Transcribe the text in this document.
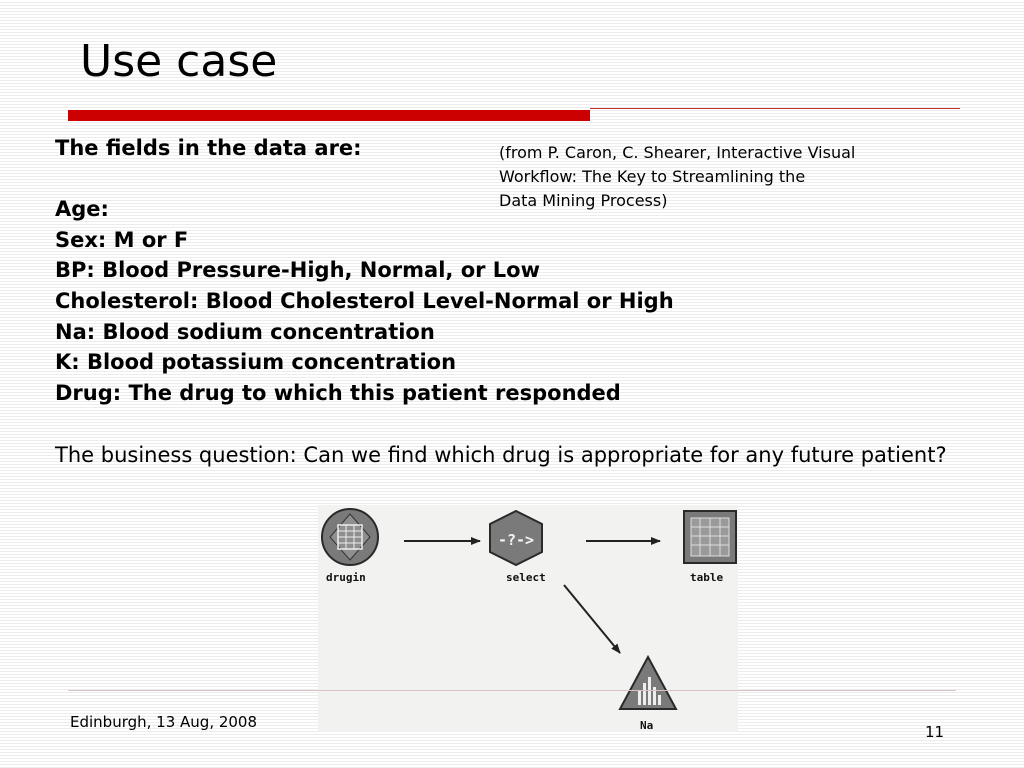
Use case
The fields in the data are:
Age:
Sex: M or F
BP: Blood Pressure-High, Normal, or Low
Cholesterol: Blood Cholesterol Level-Normal or High
Na: Blood sodium concentration
K: Blood potassium concentration
Drug: The drug to which this patient responded
(from P. Caron, C. Shearer, Interactive Visual
Workflow: The Key to Streamlining the
Data Mining Process)
The business question: Can we find which drug is appropriate for any future patient?
drugin
-?->
select	table
Na
Edinburgh, 13 Aug, 2008
11
